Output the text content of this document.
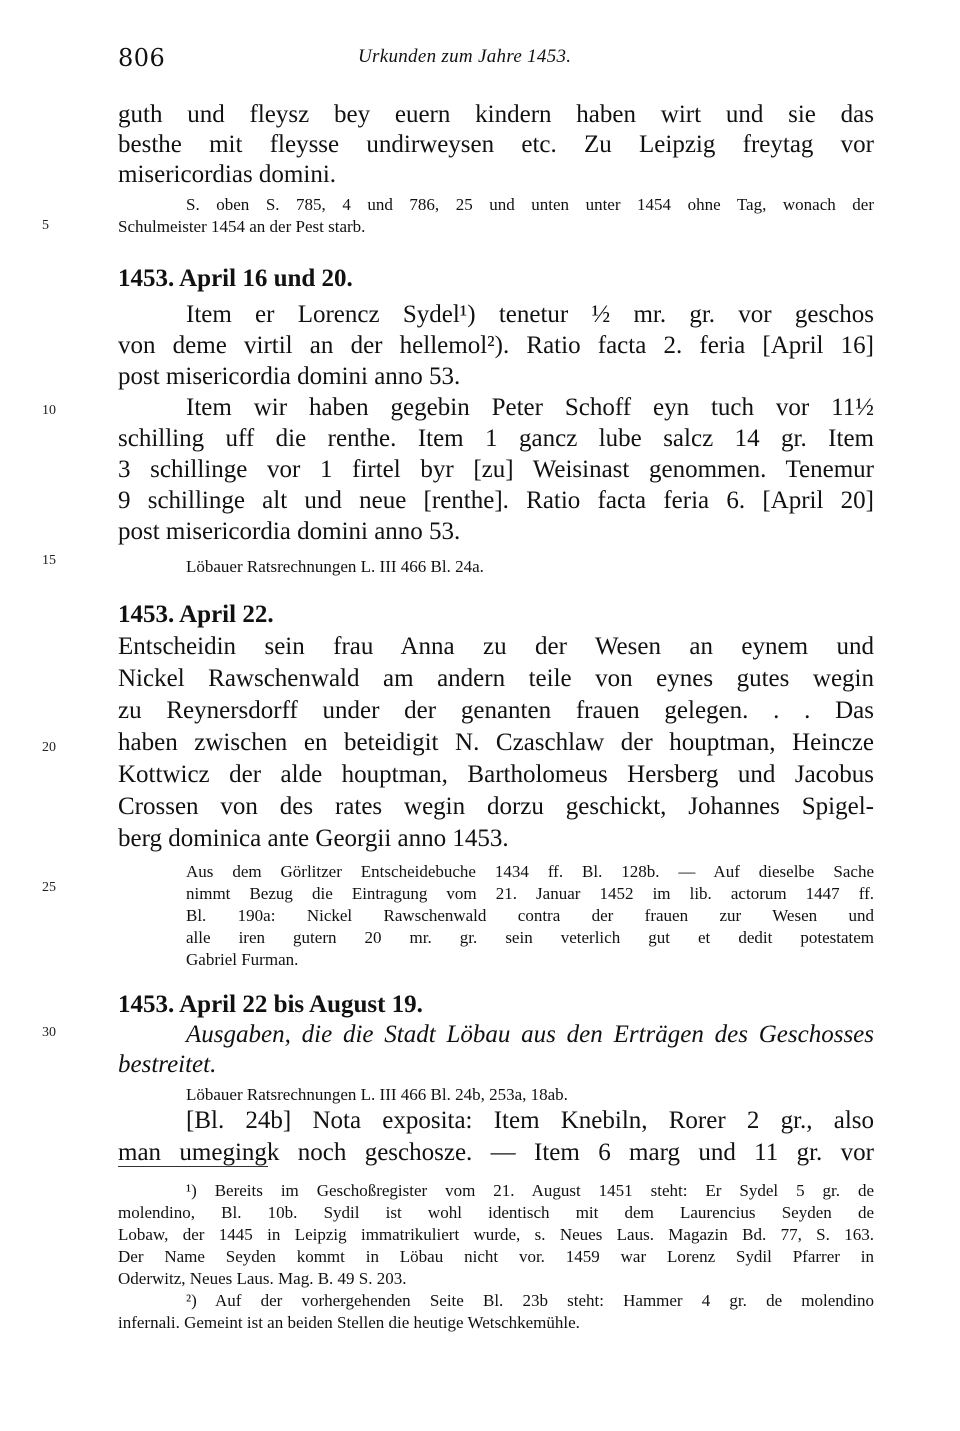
806	Urkunden zum Jahre 1453.
5
10
15
20
25
30
guth und fleysz bey euern kindern haben wirt und sie das
besthe mit fleysse undirweysen etc. Zu Leipzig freytag vor
misericordias domini.
S. oben S. 785, 4 und 786, 25 und unten unter 1454 ohne Tag, wonach der
Schulmeister 1454 an der Pest starb.
1453. April 16 und 20.
Item er Lorencz Sydel¹) tenetur ½ mr. gr. vor geschos
von deme virtil an der hellemol²). Ratio facta 2. feria [April 16]
post misericordia domini anno 53.
Item wir haben gegebin Peter Schoff eyn tuch vor 11½
schilling uff die renthe. Item 1 gancz lube salcz 14 gr. Item
3 schillinge vor 1 firtel byr [zu] Weisinast genommen. Tenemur
9 schillinge alt und neue [renthe]. Ratio facta feria 6. [April 20]
post misericordia domini anno 53.
Löbauer Ratsrechnungen L. III 466 Bl. 24a.
1453. April 22.
Entscheidin sein frau Anna zu der Wesen an eynem und
Nickel Rawschenwald am andern teile von eynes gutes wegin
zu Reynersdorff under der genanten frauen gelegen. . . Das
haben zwischen en beteidigit N. Czaschlaw der houptman, Heincze
Kottwicz der alde houptman, Bartholomeus Hersberg und Jacobus
Crossen von des rates wegin dorzu geschickt, Johannes Spigel-
berg dominica ante Georgii anno 1453.
Aus dem Görlitzer Entscheidebuche 1434 ff. Bl. 128b. — Auf dieselbe Sache
nimmt Bezug die Eintragung vom 21. Januar 1452 im lib. actorum 1447 ff.
Bl. 190a: Nickel Rawschenwald contra der frauen zur Wesen und
alle iren gutern 20 mr. gr. sein veterlich gut et dedit potestatem
Gabriel Furman.
1453. April 22 bis August 19.
Ausgaben, die die Stadt Löbau aus den Erträgen des Geschosses
bestreitet.
Löbauer Ratsrechnungen L. III 466 Bl. 24b, 253a, 18ab.
[Bl. 24b] Nota exposita: Item Knebiln, Rorer 2 gr., also
man umegingk noch geschosze. — Item 6 marg und 11 gr. vor
¹) Bereits im Geschoßregister vom 21. August 1451 steht: Er Sydel 5 gr. de
molendino, Bl. 10b. Sydil ist wohl identisch mit dem Laurencius Seyden de
Lobaw, der 1445 in Leipzig immatrikuliert wurde, s. Neues Laus. Magazin Bd. 77, S. 163.
Der Name Seyden kommt in Löbau nicht vor. 1459 war Lorenz Sydil Pfarrer in
Oderwitz, Neues Laus. Mag. B. 49 S. 203.
²) Auf der vorhergehenden Seite Bl. 23b steht: Hammer 4 gr. de molendino
infernali. Gemeint ist an beiden Stellen die heutige Wetschkemühle.
